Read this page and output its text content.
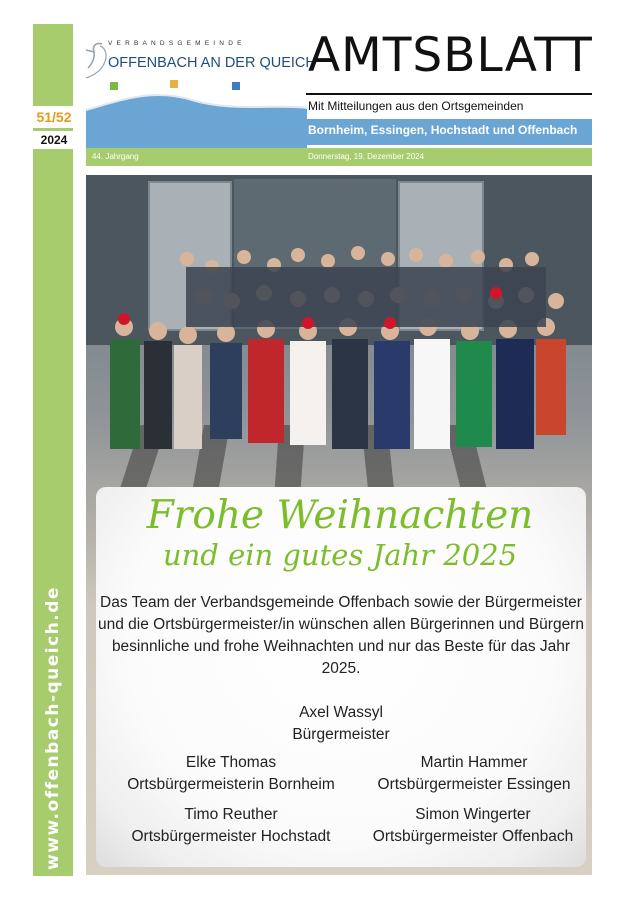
51/52
2024
www.offenbach-queich.de
VERBANDSGEMEINDE
OFFENBACH AN DER QUEICH
AMTSBLATT
Mit Mitteilungen aus den Ortsgemeinden
Bornheim, Essingen, Hochstadt und Offenbach
44. Jahrgang	Donnerstag, 19. Dezember 2024
Frohe Weihnachten
und ein gutes Jahr 2025
Das Team der Verbandsgemeinde Offenbach sowie der Bürgermeister und die Ortsbürgermeister/in wünschen allen Bürgerinnen und Bürgern besinnliche und frohe Weihnachten und nur das Beste für das Jahr 2025.
Axel Wassyl
Bürgermeister
Elke Thomas
Ortsbürgermeisterin Bornheim
Martin Hammer
Ortsbürgermeister Essingen
Timo Reuther
Ortsbürgermeister Hochstadt
Simon Wingerter
Ortsbürgermeister Offenbach
